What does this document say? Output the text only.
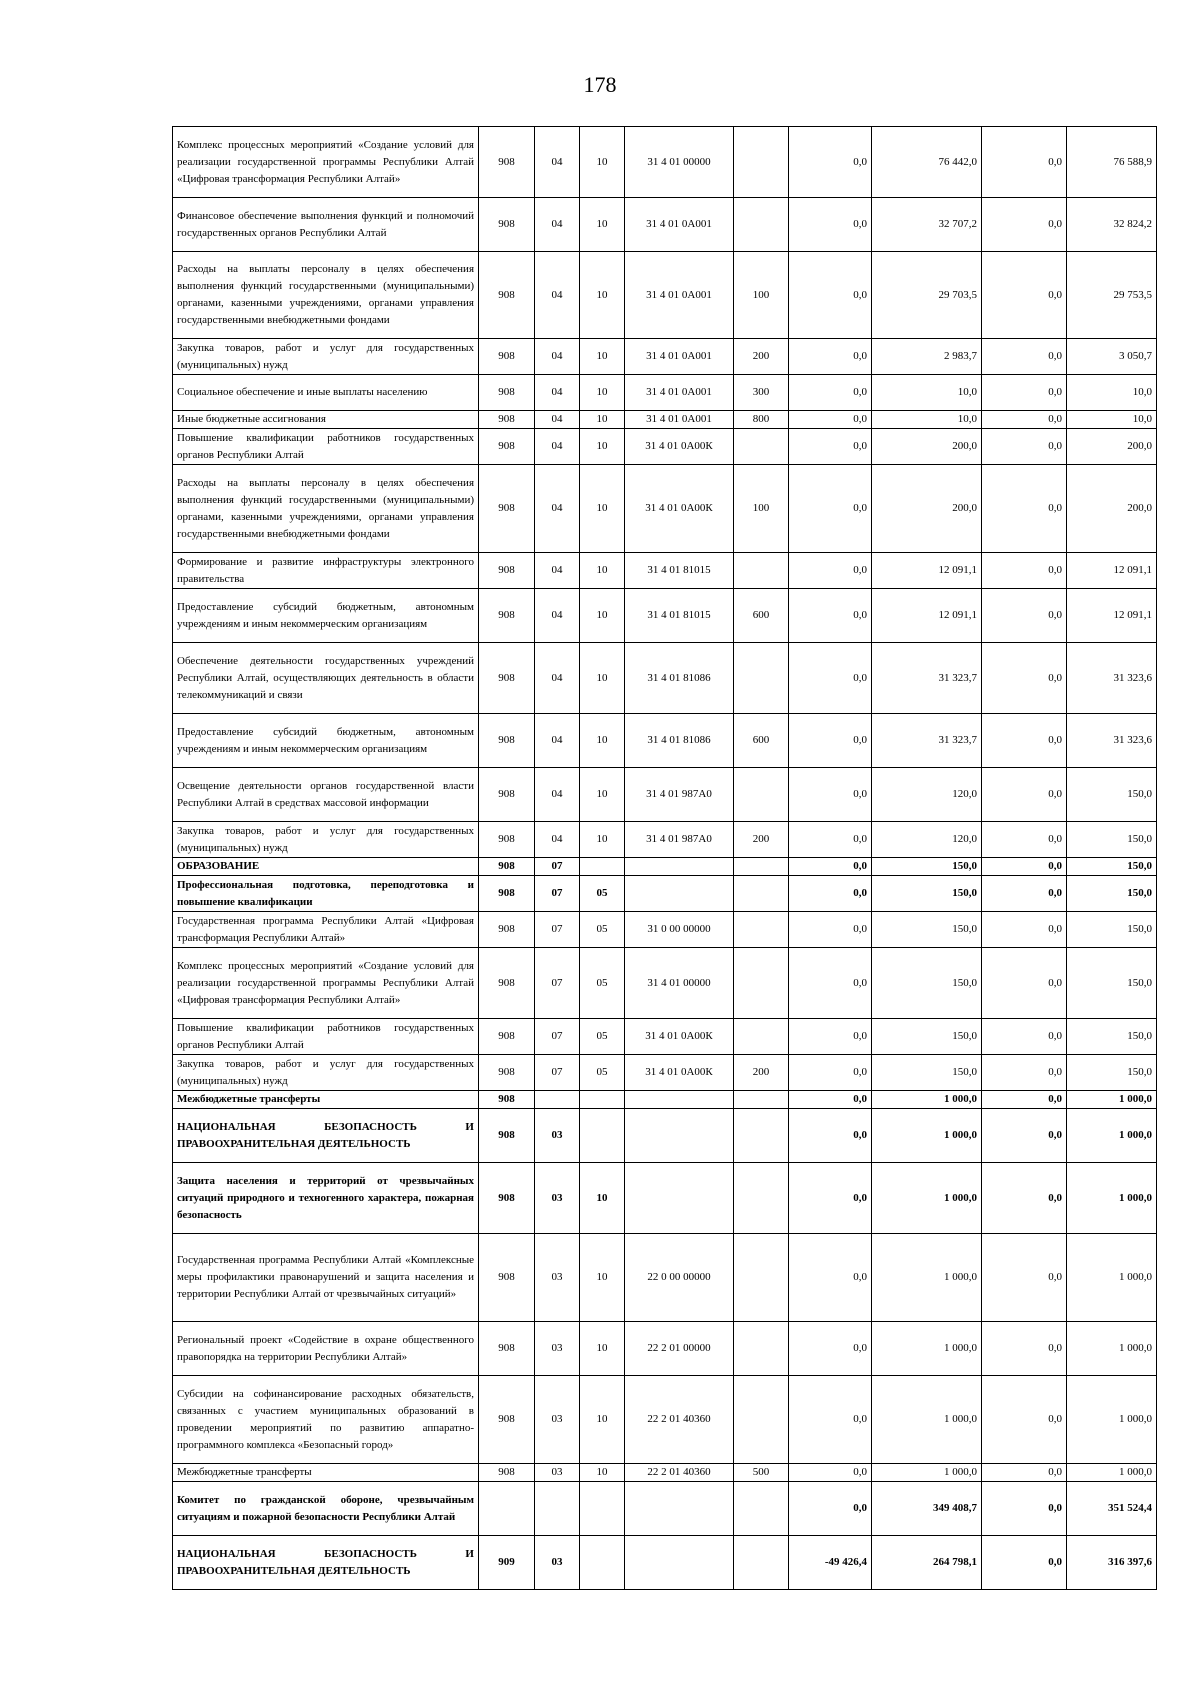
178
Комплекс процессных мероприятий «Создание условий для реализации государственной программы Республики Алтай «Цифровая трансформация Республики Алтай»	908	04	10	31 4 01 00000		0,0	76 442,0	0,0	76 588,9
Финансовое обеспечение выполнения функций и полномочий государственных органов Республики Алтай	908	04	10	31 4 01 0А001		0,0	32 707,2	0,0	32 824,2
Расходы на выплаты персоналу в целях обеспечения выполнения функций государственными (муниципальными) органами, казенными учреждениями, органами управления государственными внебюджетными фондами	908	04	10	31 4 01 0А001	100	0,0	29 703,5	0,0	29 753,5
Закупка товаров, работ и услуг для государственных (муниципальных) нужд	908	04	10	31 4 01 0А001	200	0,0	2 983,7	0,0	3 050,7
Социальное обеспечение и иные выплаты населению	908	04	10	31 4 01 0А001	300	0,0	10,0	0,0	10,0
Иные бюджетные ассигнования	908	04	10	31 4 01 0А001	800	0,0	10,0	0,0	10,0
Повышение квалификации работников государственных органов Республики Алтай	908	04	10	31 4 01 0А00К		0,0	200,0	0,0	200,0
Расходы на выплаты персоналу в целях обеспечения выполнения функций государственными (муниципальными) органами, казенными учреждениями, органами управления государственными внебюджетными фондами	908	04	10	31 4 01 0А00К	100	0,0	200,0	0,0	200,0
Формирование и развитие инфраструктуры электронного правительства	908	04	10	31 4 01 81015		0,0	12 091,1	0,0	12 091,1
Предоставление субсидий бюджетным, автономным учреждениям и иным некоммерческим организациям	908	04	10	31 4 01 81015	600	0,0	12 091,1	0,0	12 091,1
Обеспечение деятельности государственных учреждений Республики Алтай, осуществляющих деятельность в области телекоммуникаций и связи	908	04	10	31 4 01 81086		0,0	31 323,7	0,0	31 323,6
Предоставление субсидий бюджетным, автономным учреждениям и иным некоммерческим организациям	908	04	10	31 4 01 81086	600	0,0	31 323,7	0,0	31 323,6
Освещение деятельности органов государственной власти Республики Алтай в средствах массовой информации	908	04	10	31 4 01 987А0		0,0	120,0	0,0	150,0
Закупка товаров, работ и услуг для государственных (муниципальных) нужд	908	04	10	31 4 01 987А0	200	0,0	120,0	0,0	150,0
ОБРАЗОВАНИЕ	908	07				0,0	150,0	0,0	150,0
Профессиональная подготовка, переподготовка и повышение квалификации	908	07	05			0,0	150,0	0,0	150,0
Государственная программа Республики Алтай «Цифровая трансформация Республики Алтай»	908	07	05	31 0 00 00000		0,0	150,0	0,0	150,0
Комплекс процессных мероприятий «Создание условий для реализации государственной программы Республики Алтай «Цифровая трансформация Республики Алтай»	908	07	05	31 4 01 00000		0,0	150,0	0,0	150,0
Повышение квалификации работников государственных органов Республики Алтай	908	07	05	31 4 01 0А00К		0,0	150,0	0,0	150,0
Закупка товаров, работ и услуг для государственных (муниципальных) нужд	908	07	05	31 4 01 0А00К	200	0,0	150,0	0,0	150,0
Межбюджетные трансферты	908					0,0	1 000,0	0,0	1 000,0
НАЦИОНАЛЬНАЯ БЕЗОПАСНОСТЬ И ПРАВООХРАНИТЕЛЬНАЯ ДЕЯТЕЛЬНОСТЬ	908	03				0,0	1 000,0	0,0	1 000,0
Защита населения и территорий от чрезвычайных ситуаций природного и техногенного характера, пожарная безопасность	908	03	10			0,0	1 000,0	0,0	1 000,0
Государственная программа Республики Алтай «Комплексные меры профилактики правонарушений и защита населения и территории Республики Алтай от чрезвычайных ситуаций»	908	03	10	22 0 00 00000		0,0	1 000,0	0,0	1 000,0
Региональный проект «Содействие в охране общественного правопорядка на территории Республики Алтай»	908	03	10	22 2 01 00000		0,0	1 000,0	0,0	1 000,0
Субсидии на софинансирование расходных обязательств, связанных с участием муниципальных образований в проведении мероприятий по развитию аппаратно-программного комплекса «Безопасный город»	908	03	10	22 2 01 40360		0,0	1 000,0	0,0	1 000,0
Межбюджетные трансферты	908	03	10	22 2 01 40360	500	0,0	1 000,0	0,0	1 000,0
Комитет по гражданской обороне, чрезвычайным ситуациям и пожарной безопасности Республики Алтай						0,0	349 408,7	0,0	351 524,4
НАЦИОНАЛЬНАЯ БЕЗОПАСНОСТЬ И ПРАВООХРАНИТЕЛЬНАЯ ДЕЯТЕЛЬНОСТЬ	909	03				-49 426,4	264 798,1	0,0	316 397,6
